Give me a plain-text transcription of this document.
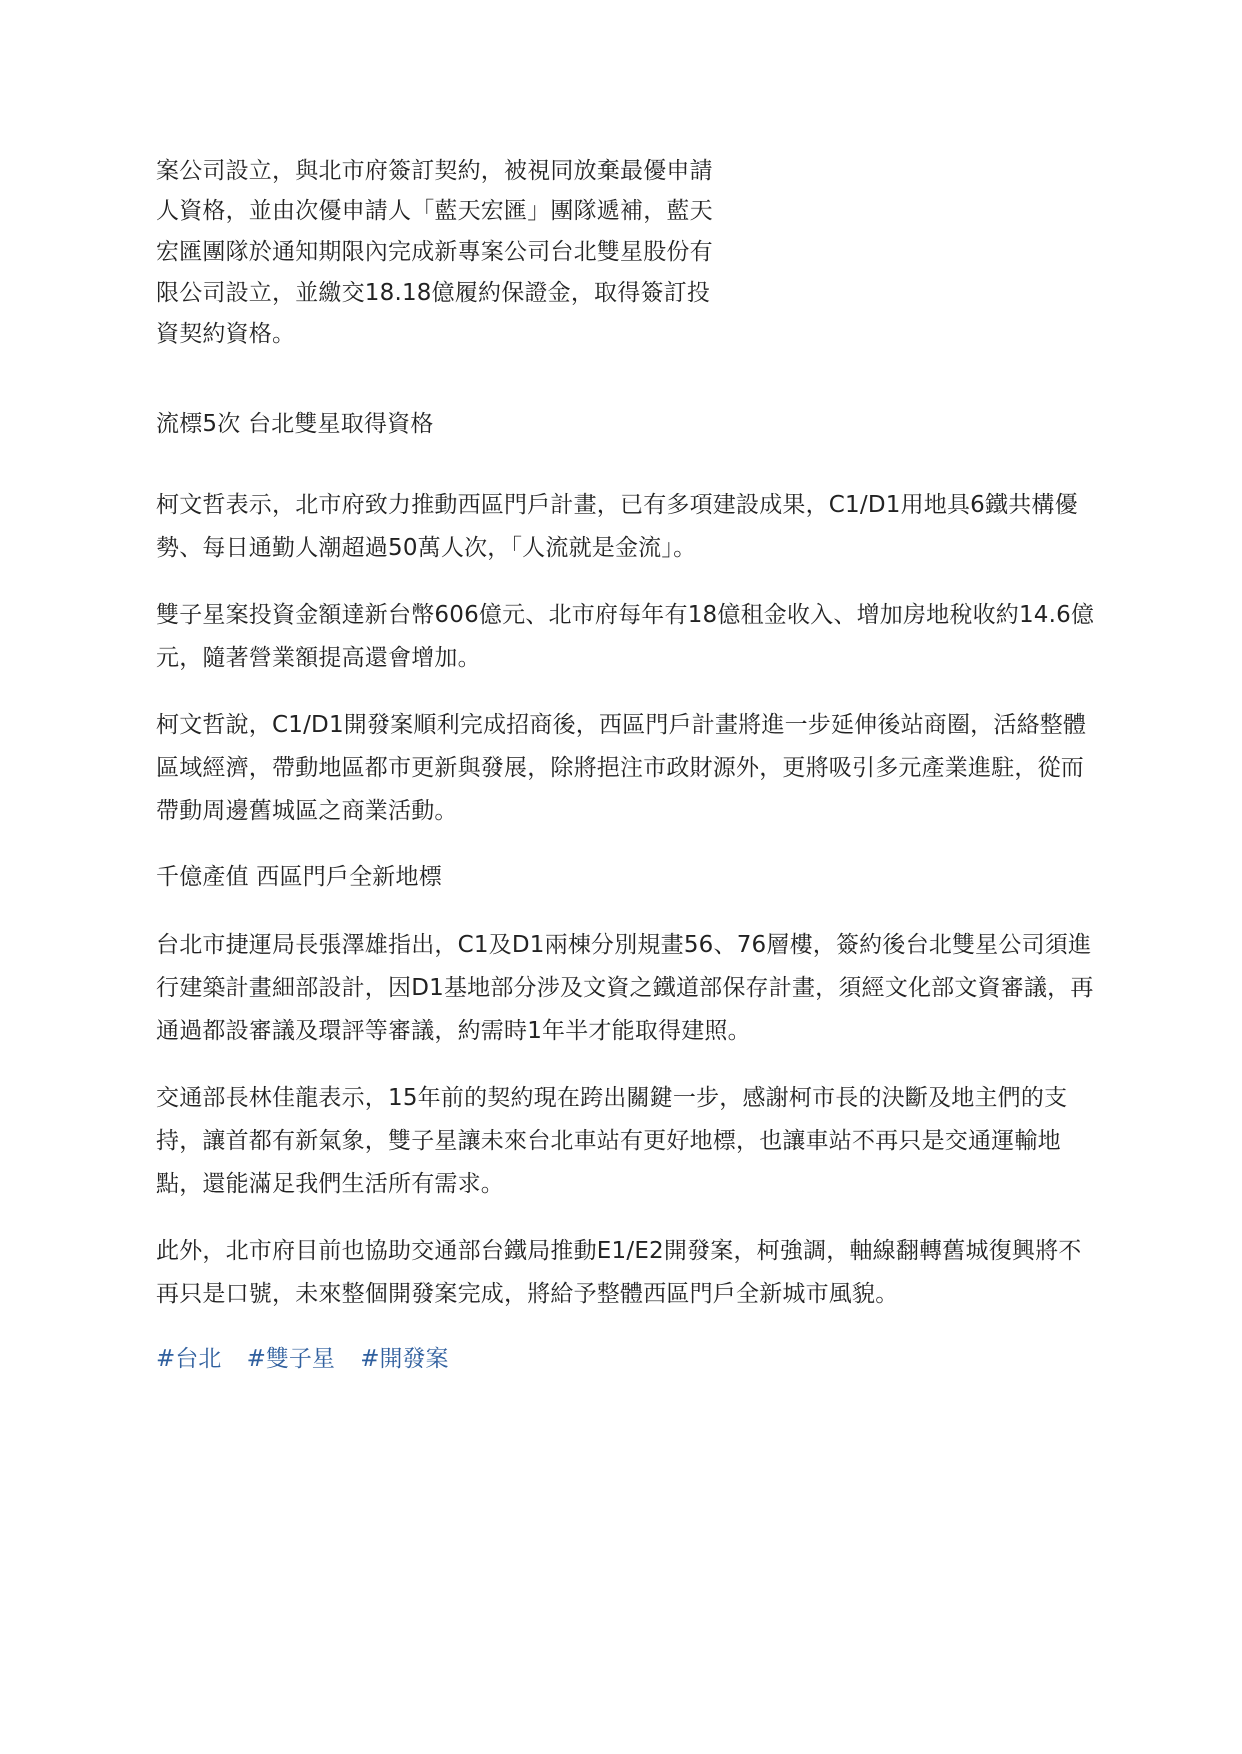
案公司設立，與北市府簽訂契約，被視同放棄最優申請
人資格，並由次優申請人「藍天宏匯」團隊遞補，藍天
宏匯團隊於通知期限內完成新專案公司台北雙星股份有
限公司設立，並繳交18.18億履約保證金，取得簽訂投
資契約資格。
流標5次 台北雙星取得資格
柯文哲表示，北市府致力推動西區門戶計畫，已有多項建設成果，C1/D1用地具6鐵共構優
勢、每日通勤人潮超過50萬人次，「人流就是金流」。
雙子星案投資金額達新台幣606億元、北市府每年有18億租金收入、增加房地稅收約14.6億
元，隨著營業額提高還會增加。
柯文哲說，C1/D1開發案順利完成招商後，西區門戶計畫將進一步延伸後站商圈，活絡整體
區域經濟，帶動地區都市更新與發展，除將挹注市政財源外，更將吸引多元產業進駐，從而
帶動周邊舊城區之商業活動。
千億產值 西區門戶全新地標
台北市捷運局長張澤雄指出，C1及D1兩棟分別規畫56、76層樓，簽約後台北雙星公司須進
行建築計畫細部設計，因D1基地部分涉及文資之鐵道部保存計畫，須經文化部文資審議，再
通過都設審議及環評等審議，約需時1年半才能取得建照。
交通部長林佳龍表示，15年前的契約現在跨出關鍵一步，感謝柯市長的決斷及地主們的支
持，讓首都有新氣象，雙子星讓未來台北車站有更好地標，也讓車站不再只是交通運輸地
點，還能滿足我們生活所有需求。
此外，北市府目前也協助交通部台鐵局推動E1/E2開發案，柯強調，軸線翻轉舊城復興將不
再只是口號，未來整個開發案完成，將給予整體西區門戶全新城市風貌。
#台北 #雙子星 #開發案
